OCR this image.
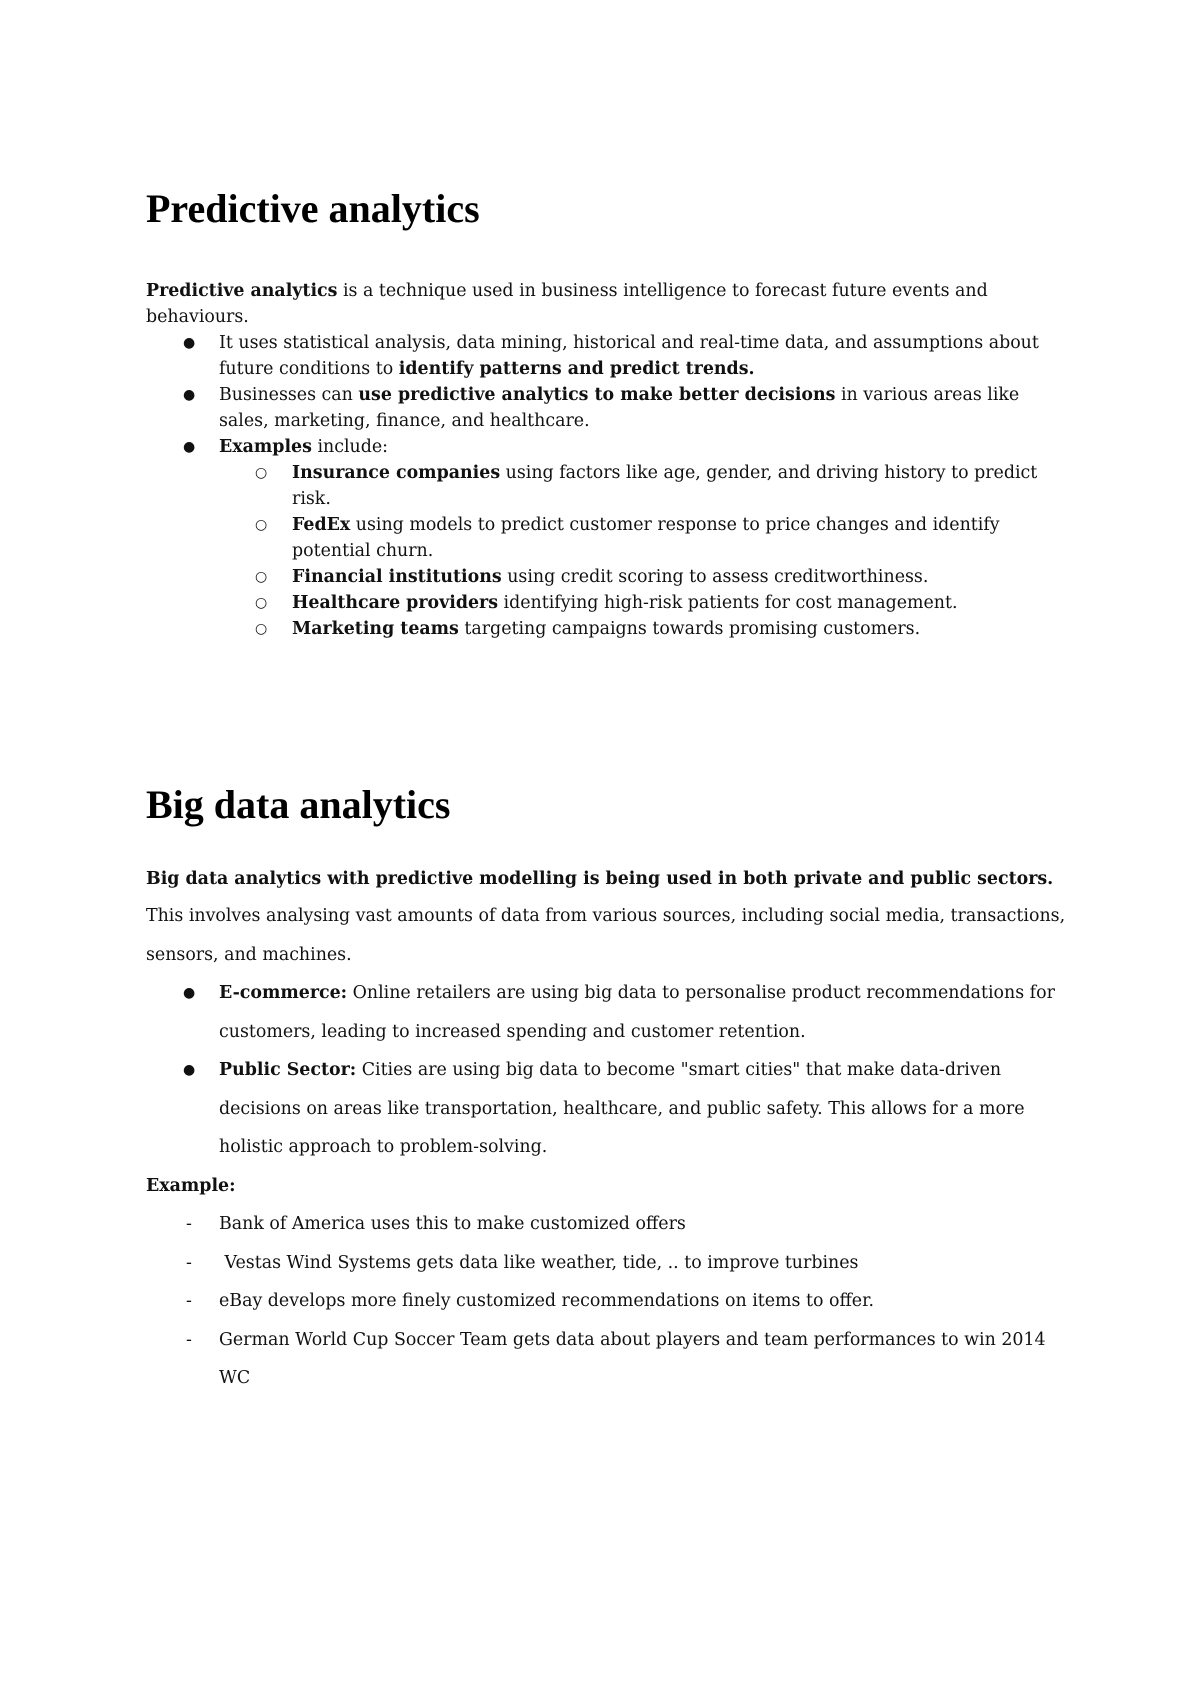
Predictive analytics

Predictive analytics is a technique used in business intelligence to forecast future events and behaviours.

● It uses statistical analysis, data mining, historical and real-time data, and assumptions about future conditions to identify patterns and predict trends.
● Businesses can use predictive analytics to make better decisions in various areas like sales, marketing, finance, and healthcare.
● Examples include:
○ Insurance companies using factors like age, gender, and driving history to predict risk.
○ FedEx using models to predict customer response to price changes and identify potential churn.
○ Financial institutions using credit scoring to assess creditworthiness.
○ Healthcare providers identifying high-risk patients for cost management.
○ Marketing teams targeting campaigns towards promising customers.
Big data analytics

Big data analytics with predictive modelling is being used in both private and public sectors.

This involves analysing vast amounts of data from various sources, including social media, transactions, sensors, and machines.

● E-commerce: Online retailers are using big data to personalise product recommendations for customers, leading to increased spending and customer retention.
● Public Sector: Cities are using big data to become "smart cities" that make data-driven decisions on areas like transportation, healthcare, and public safety. This allows for a more holistic approach to problem-solving.

Example:

- Bank of America uses this to make customized offers
- Vestas Wind Systems gets data like weather, tide, .. to improve turbines
- eBay develops more finely customized recommendations on items to offer.
- German World Cup Soccer Team gets data about players and team performances to win 2014 WC
